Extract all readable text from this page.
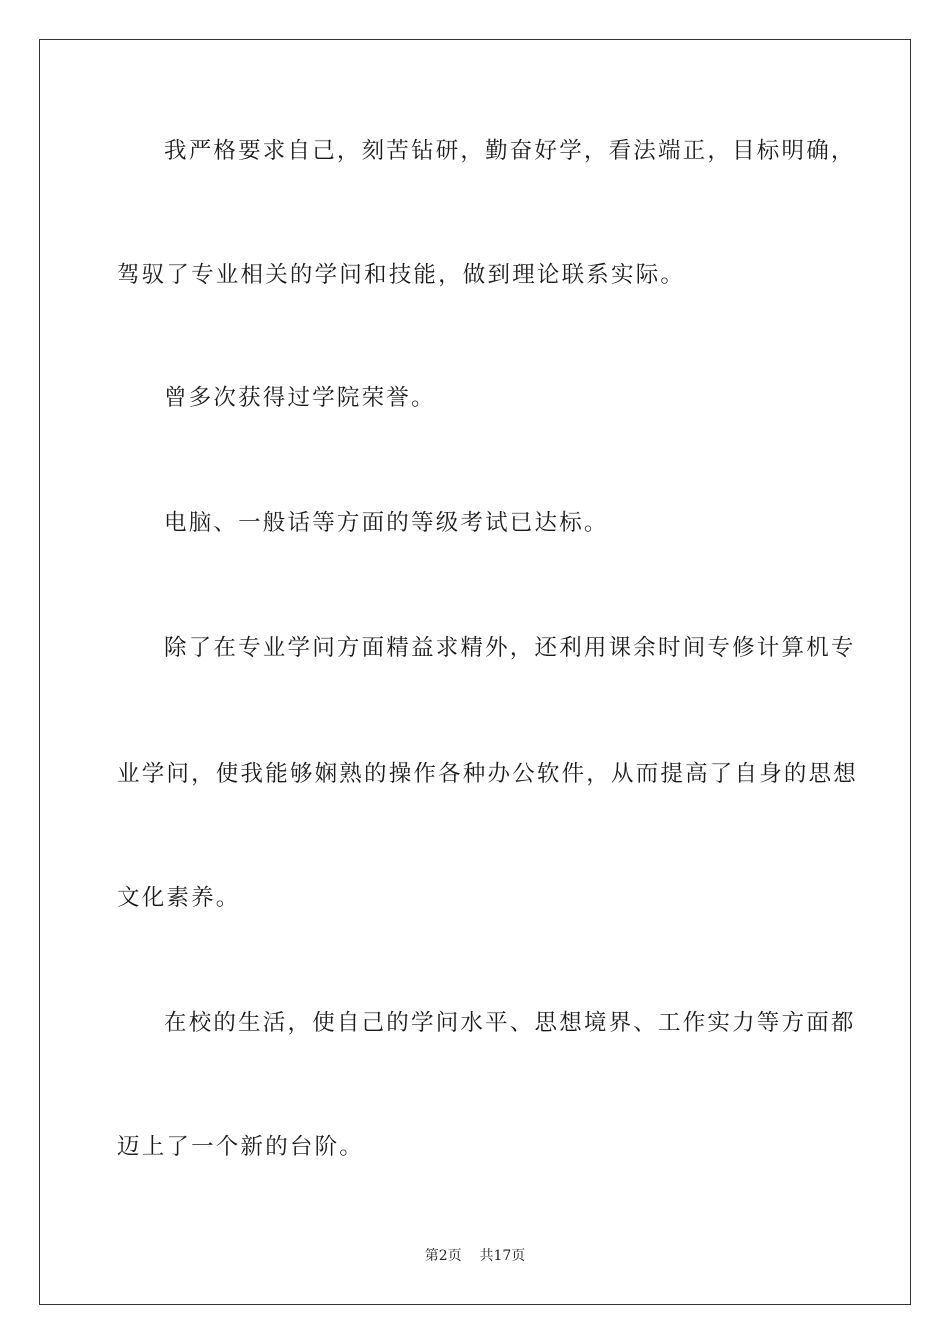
我严格要求自己，刻苦钻研，勤奋好学，看法端正，目标明确，
驾驭了专业相关的学问和技能，做到理论联系实际。
曾多次获得过学院荣誉。
电脑、一般话等方面的等级考试已达标。
除了在专业学问方面精益求精外，还利用课余时间专修计算机专
业学问，使我能够娴熟的操作各种办公软件，从而提高了自身的思想
文化素养。
在校的生活，使自己的学问水平、思想境界、工作实力等方面都
迈上了一个新的台阶。
第2页 共17页
